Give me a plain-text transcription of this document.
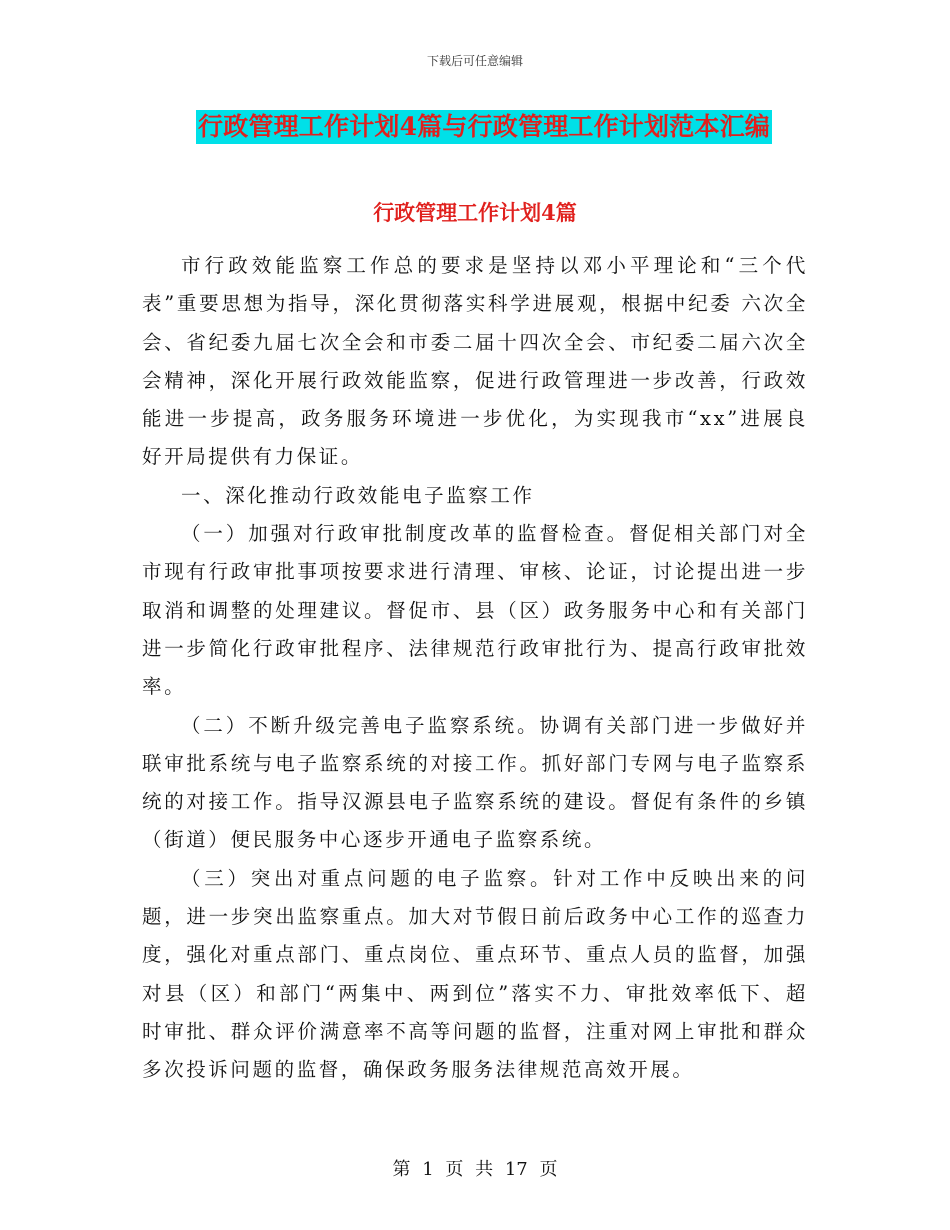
下载后可任意编辑
行政管理工作计划4篇与行政管理工作计划范本汇编
行政管理工作计划4篇

市行政效能监察工作总的要求是坚持以邓小平理论和“三个代表”重要思想为指导，深化贯彻落实科学进展观，根据中纪委 六次全会、省纪委九届七次全会和市委二届十四次全会、市纪委二届六次全会精神，深化开展行政效能监察，促进行政管理进一步改善，行政效能进一步提高，政务服务环境进一步优化，为实现我市“xx”进展良好开局提供有力保证。

一、深化推动行政效能电子监察工作

（一）加强对行政审批制度改革的监督检查。督促相关部门对全市现有行政审批事项按要求进行清理、审核、论证，讨论提出进一步取消和调整的处理建议。督促市、县（区）政务服务中心和有关部门进一步简化行政审批程序、法律规范行政审批行为、提高行政审批效率。

（二）不断升级完善电子监察系统。协调有关部门进一步做好并联审批系统与电子监察系统的对接工作。抓好部门专网与电子监察系统的对接工作。指导汉源县电子监察系统的建设。督促有条件的乡镇（街道）便民服务中心逐步开通电子监察系统。

（三）突出对重点问题的电子监察。针对工作中反映出来的问题，进一步突出监察重点。加大对节假日前后政务中心工作的巡查力度，强化对重点部门、重点岗位、重点环节、重点人员的监督，加强对县（区）和部门“两集中、两到位”落实不力、审批效率低下、超时审批、群众评价满意率不高等问题的监督，注重对网上审批和群众多次投诉问题的监督，确保政务服务法律规范高效开展。

第 1 页 共 17 页
